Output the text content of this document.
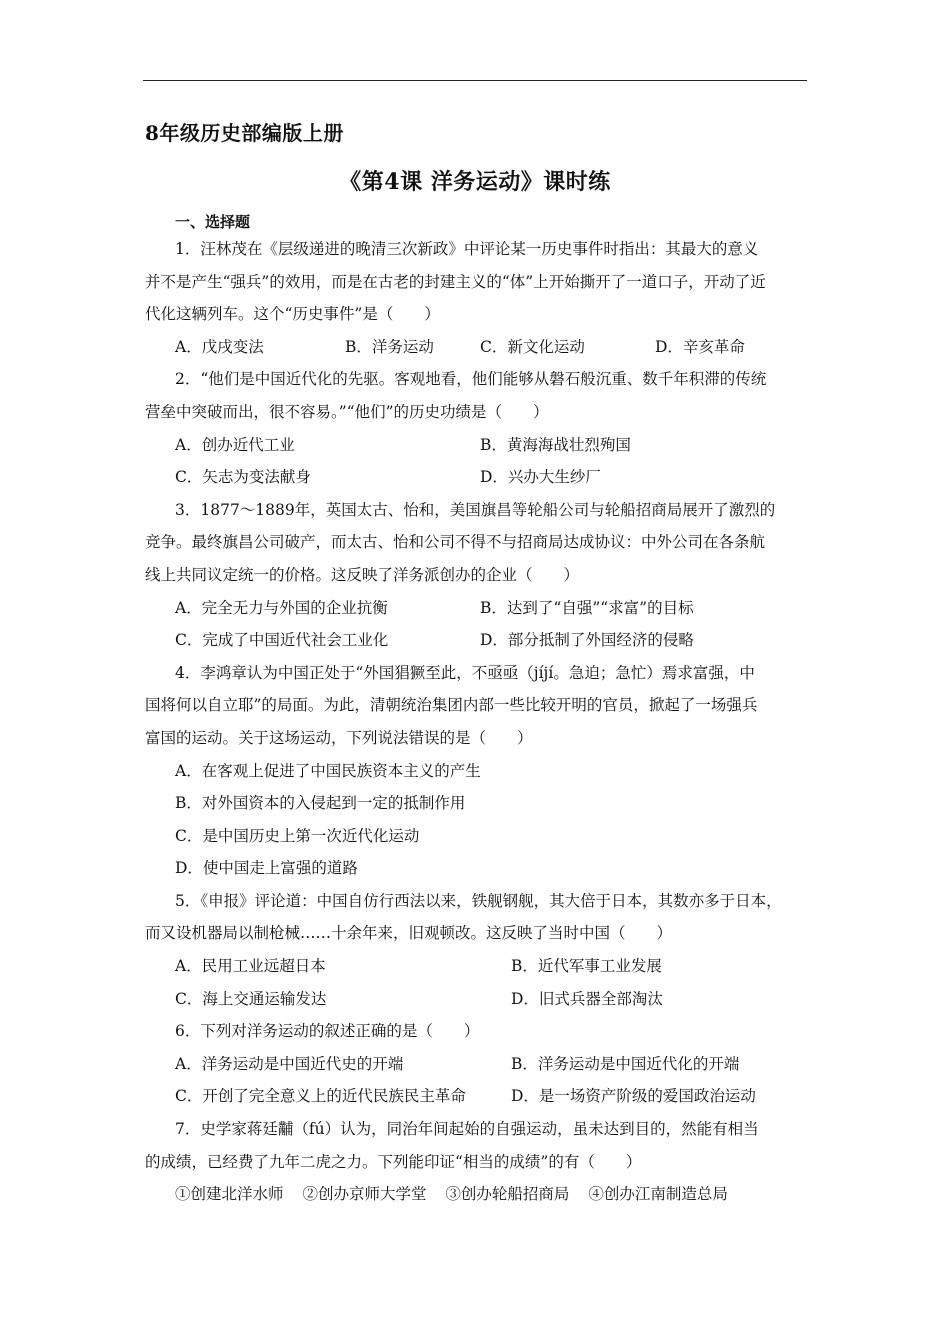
8年级历史部编版上册
《第4课 洋务运动》课时练
一、选择题
1．汪林茂在《层级递进的晚清三次新政》中评论某一历史事件时指出：其最大的意义
并不是产生“强兵”的效用，而是在古老的封建主义的“体”上开始撕开了一道口子，开动了近
代化这辆列车。这个“历史事件”是（　　）
A．戊戌变法	B．洋务运动	C．新文化运动	D．辛亥革命
2．“他们是中国近代化的先驱。客观地看，他们能够从磐石般沉重、数千年积滞的传统
营垒中突破而出，很不容易。”“他们”的历史功绩是（　　）
A．创办近代工业	B．黄海海战壮烈殉国
C．矢志为变法献身	D．兴办大生纱厂
3．1877～1889年，英国太古、怡和，美国旗昌等轮船公司与轮船招商局展开了激烈的
竞争。最终旗昌公司破产，而太古、怡和公司不得不与招商局达成协议：中外公司在各条航
线上共同议定统一的价格。这反映了洋务派创办的企业（　　）
A．完全无力与外国的企业抗衡	B．达到了“自强”“求富”的目标
C．完成了中国近代社会工业化	D．部分抵制了外国经济的侵略
4．李鸿章认为中国正处于“外国猖獗至此，不亟亟（jíjí。急迫；急忙）焉求富强，中
国将何以自立耶”的局面。为此，清朝统治集团内部一些比较开明的官员，掀起了一场强兵
富国的运动。关于这场运动，下列说法错误的是（　　）
A．在客观上促进了中国民族资本主义的产生
B．对外国资本的入侵起到一定的抵制作用
C．是中国历史上第一次近代化运动
D．使中国走上富强的道路
5．《申报》评论道：中国自仿行西法以来，铁舰钢舰，其大倍于日本，其数亦多于日本，
而又设机器局以制枪械……十余年来，旧观顿改。这反映了当时中国（　　）
A．民用工业远超日本	B．近代军事工业发展
C．海上交通运输发达	D．旧式兵器全部淘汰
6．下列对洋务运动的叙述正确的是（　　）
A．洋务运动是中国近代史的开端	B．洋务运动是中国近代化的开端
C．开创了完全意义上的近代民族民主革命	D．是一场资产阶级的爱国政治运动
7．史学家蒋廷黼（fú）认为，同治年间起始的自强运动，虽未达到目的，然能有相当
的成绩，已经费了九年二虎之力。下列能印证“相当的成绩”的有（　　）
①创建北洋水师 ②创办京师大学堂 ③创办轮船招商局 ④创办江南制造总局
